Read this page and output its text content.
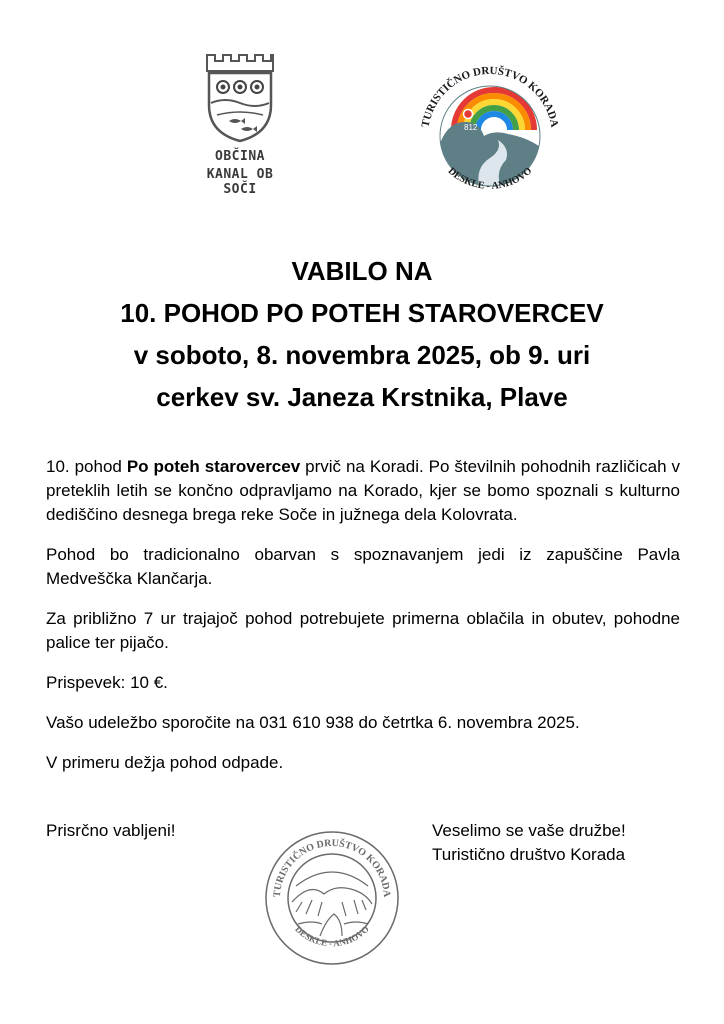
OBČINA
KANAL OB SOČI
812
TURISTIČNO DRUŠTVO KORADA
DESKLE - ANHOVO
VABILO NA
10. POHOD PO POTEH STAROVERCEV
v soboto, 8. novembra 2025, ob 9. uri
cerkev sv. Janeza Krstnika, Plave

10. pohod Po poteh starovercev prvič na Koradi. Po številnih pohodnih različicah v preteklih letih se končno odpravljamo na Korado, kjer se bomo spoznali s kulturno dediščino desnega brega reke Soče in južnega dela Kolovrata.

Pohod bo tradicionalno obarvan s spoznavanjem jedi iz zapuščine Pavla Medveščka Klančarja.

Za približno 7 ur trajajoč pohod potrebujete primerna oblačila in obutev, pohodne palice ter pijačo.

Prispevek: 10 €.

Vašo udeležbo sporočite na 031 610 938 do četrtka 6. novembra 2025.

V primeru dežja pohod odpade.

Prisrčno vabljeni!	Veselimo se vaše družbe!
Turistično društvo Korada
TURISTIČNO DRUŠTVO KORADA
DESKLE - ANHOVO
